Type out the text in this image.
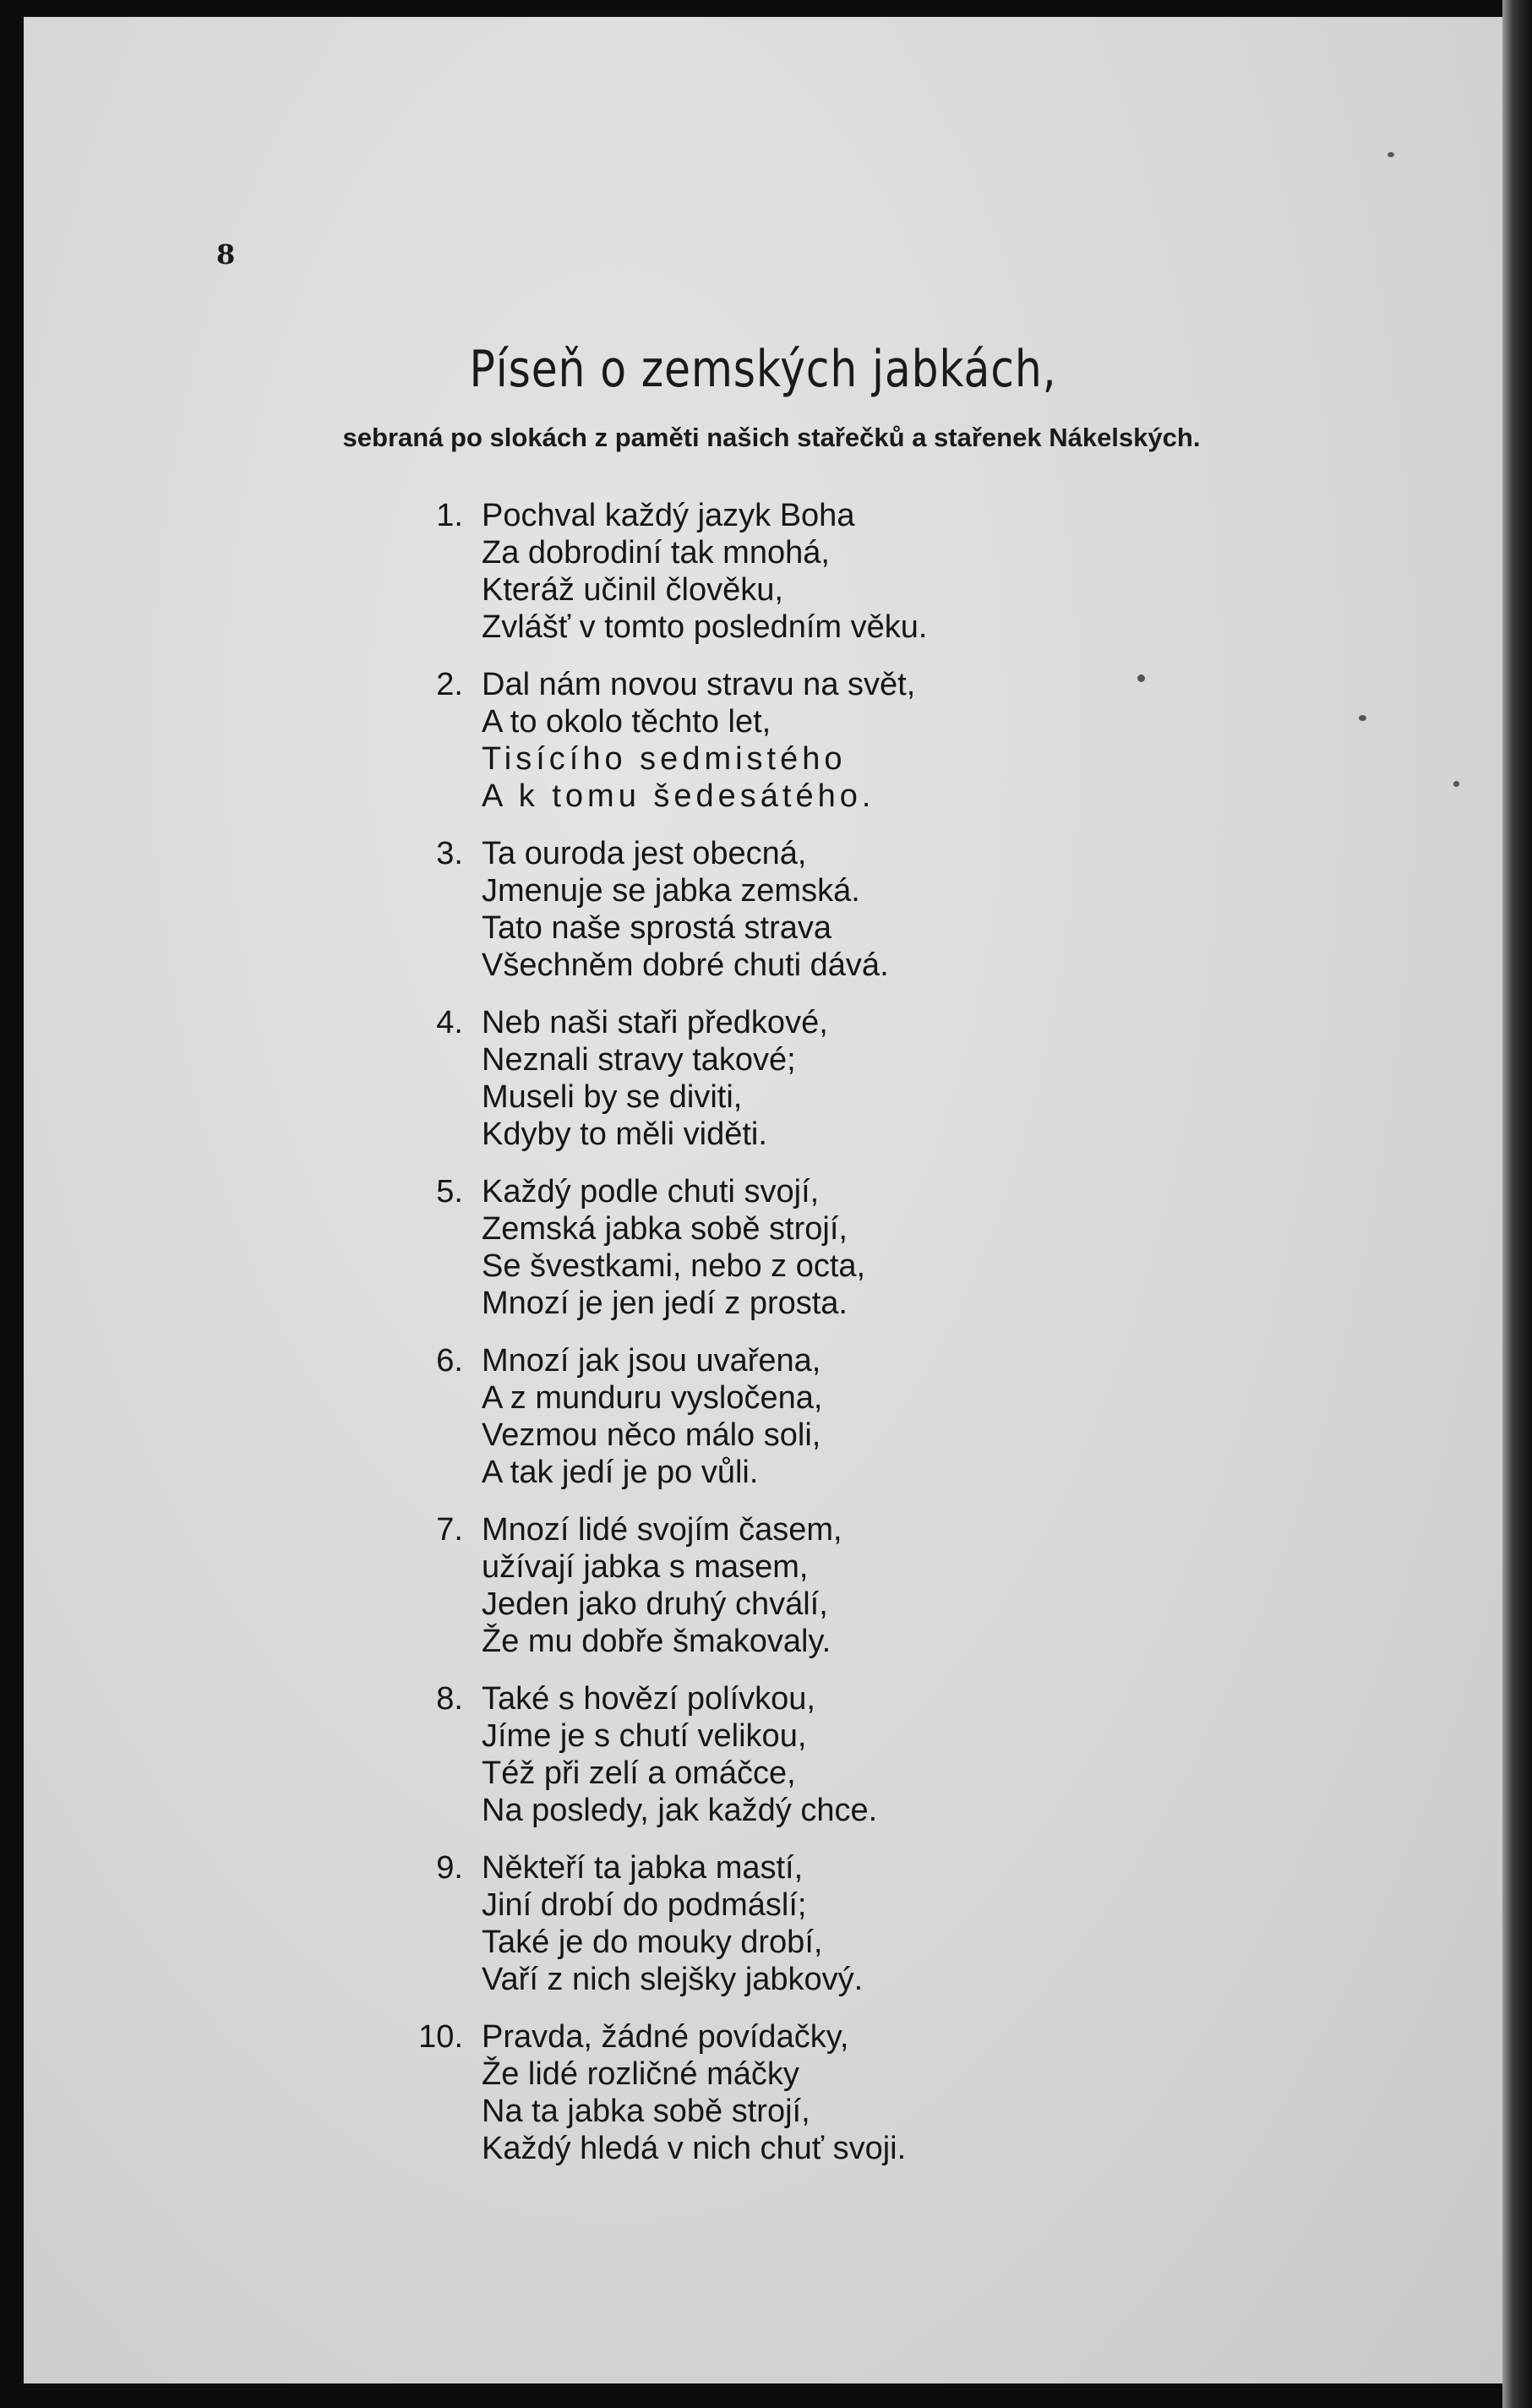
8
Píseň o zemských jabkách,
sebraná po slokách z paměti našich stařečků a stařenek Nákelských.
1. Pochval každý jazyk Boha
Za dobrodiní tak mnohá,
Kteráž učinil člověku,
Zvlášť v tomto posledním věku.
2. Dal nám novou stravu na svět,
A to okolo těchto let,
Tisícího sedmistého
A k tomu šedesátého.
3. Ta ouroda jest obecná,
Jmenuje se jabka zemská.
Tato naše sprostá strava
Všechněm dobré chuti dává.
4. Neb naši staři předkové,
Neznali stravy takové;
Museli by se diviti,
Kdyby to měli viděti.
5. Každý podle chuti svojí,
Zemská jabka sobě strojí,
Se švestkami, nebo z octa,
Mnozí je jen jedí z prosta.
6. Mnozí jak jsou uvařena,
A z munduru vysločena,
Vezmou něco málo soli,
A tak jedí je po vůli.
7. Mnozí lidé svojím časem,
užívají jabka s masem,
Jeden jako druhý chválí,
Že mu dobře šmakovaly.
8. Také s hovězí polívkou,
Jíme je s chutí velikou,
Též při zelí a omáčce,
Na posledy, jak každý chce.
9. Někteří ta jabka mastí,
Jiní drobí do podmáslí;
Také je do mouky drobí,
Vaří z nich slejšky jabkový.
10. Pravda, žádné povídačky,
Že lidé rozličné máčky
Na ta jabka sobě strojí,
Každý hledá v nich chuť svoji.
